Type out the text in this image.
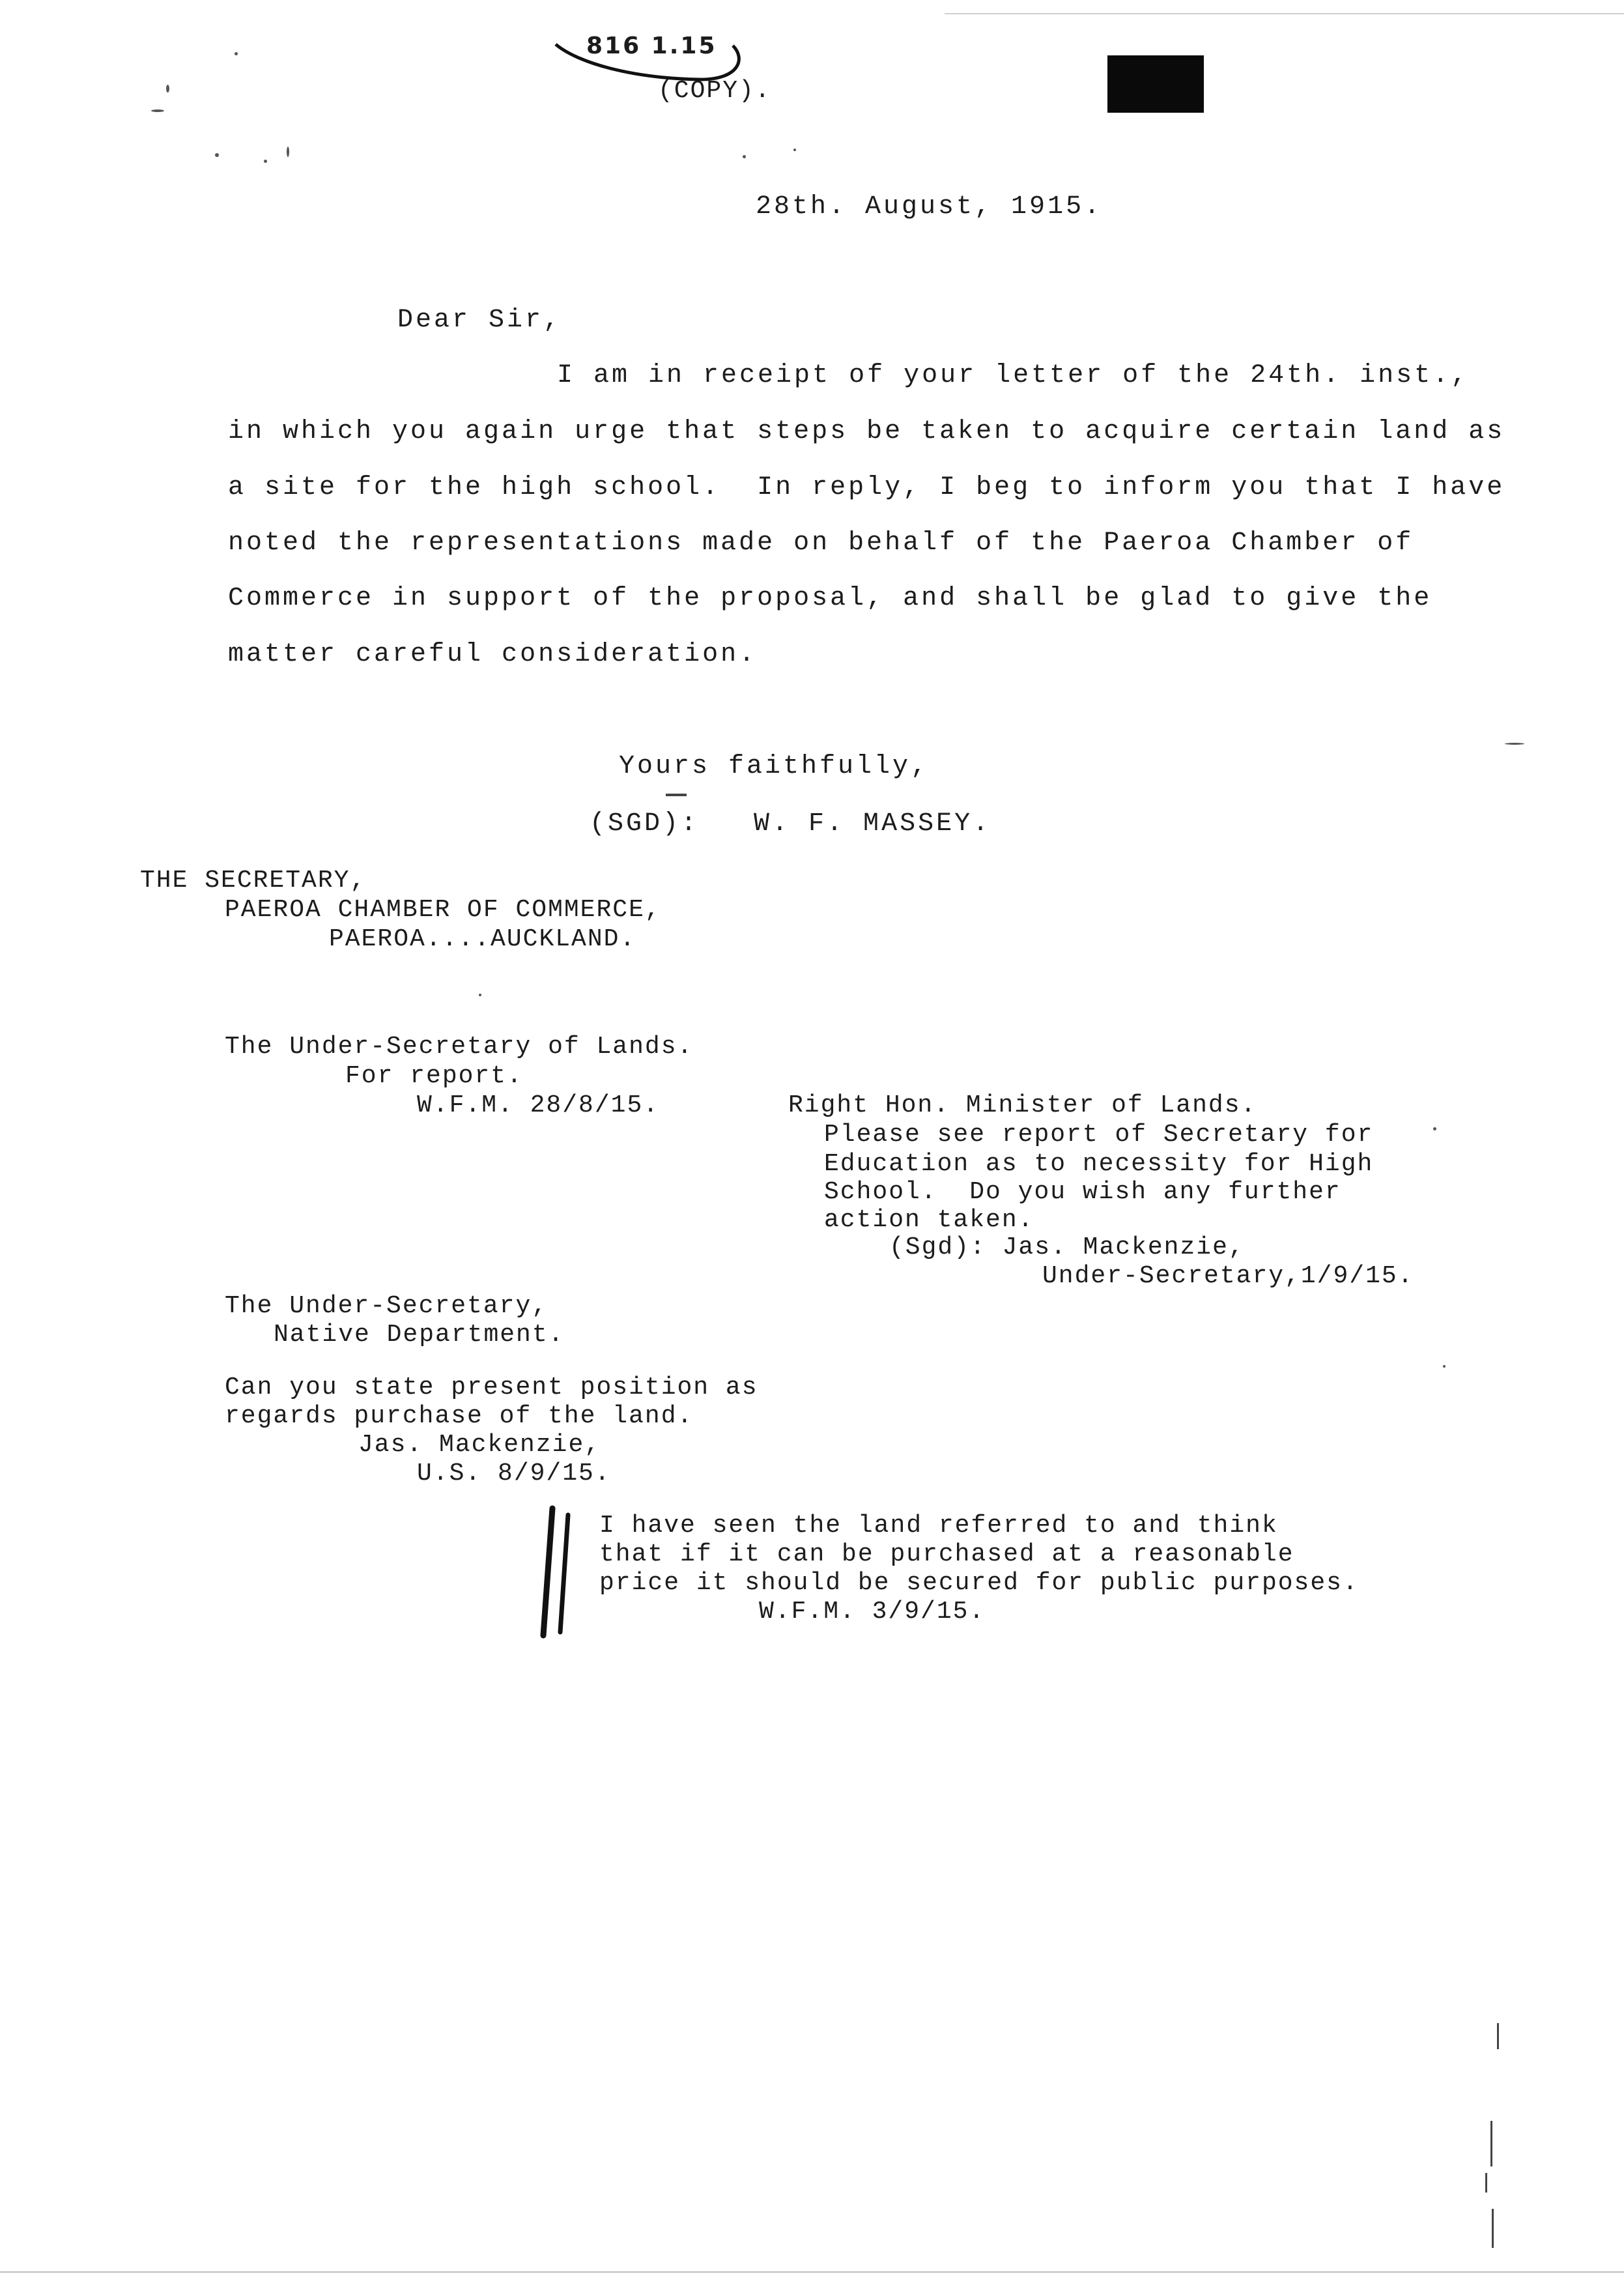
816 1.15
(COPY).
28th. August, 1915.
Dear Sir,
I am in receipt of your letter of the 24th. inst.,
in which you again urge that steps be taken to acquire certain land as
a site for the high school.  In reply, I beg to inform you that I have
noted the representations made on behalf of the Paeroa Chamber of
Commerce in support of the proposal, and shall be glad to give the
matter careful consideration.
Yours faithfully,
(SGD):   W. F. MASSEY.
THE SECRETARY,
PAEROA CHAMBER OF COMMERCE,
PAEROA....AUCKLAND.
The Under-Secretary of Lands.
For report.
W.F.M. 28/8/15.	Right Hon. Minister of Lands.
Please see report of Secretary for
Education as to necessity for High
School.  Do you wish any further
action taken.
(Sgd): Jas. Mackenzie,
Under-Secretary,1/9/15.
The Under-Secretary,
Native Department.
Can you state present position as
regards purchase of the land.
Jas. Mackenzie,
U.S. 8/9/15.
I have seen the land referred to and think
that if it can be purchased at a reasonable
price it should be secured for public purposes.
W.F.M. 3/9/15.
